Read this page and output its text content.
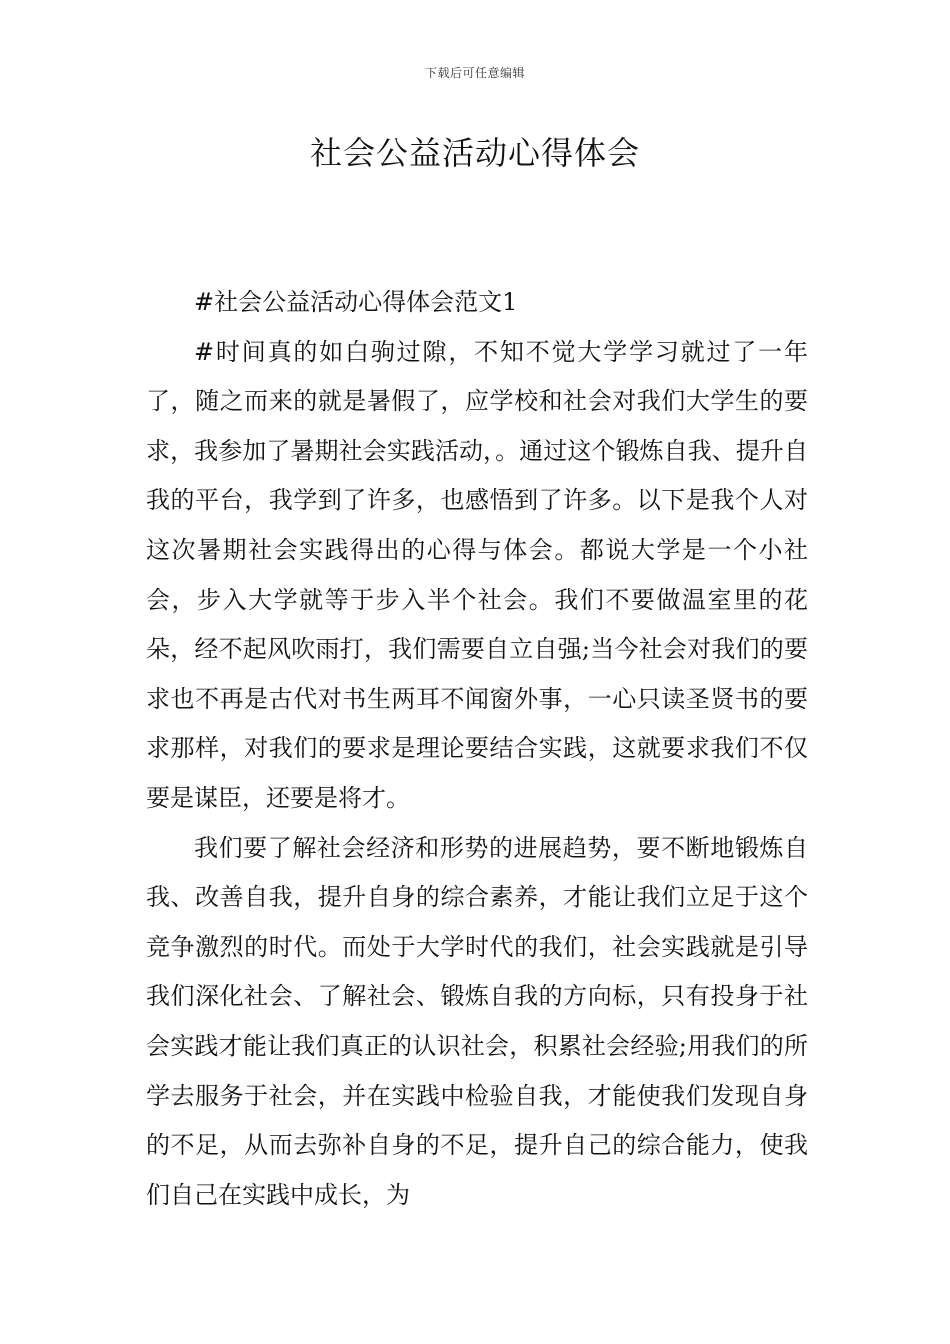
下载后可任意编辑
社会公益活动心得体会

#社会公益活动心得体会范文1

#时间真的如白驹过隙，不知不觉大学学习就过了一年了，随之而来的就是暑假了，应学校和社会对我们大学生的要求，我参加了暑期社会实践活动，。通过这个锻炼自我、提升自我的平台，我学到了许多，也感悟到了许多。以下是我个人对这次暑期社会实践得出的心得与体会。都说大学是一个小社会，步入大学就等于步入半个社会。我们不要做温室里的花朵，经不起风吹雨打，我们需要自立自强;当今社会对我们的要求也不再是古代对书生两耳不闻窗外事，一心只读圣贤书的要求那样，对我们的要求是理论要结合实践，这就要求我们不仅要是谋臣，还要是将才。

我们要了解社会经济和形势的进展趋势，要不断地锻炼自我、改善自我，提升自身的综合素养，才能让我们立足于这个竞争激烈的时代。而处于大学时代的我们，社会实践就是引导我们深化社会、了解社会、锻炼自我的方向标，只有投身于社会实践才能让我们真正的认识社会，积累社会经验;用我们的所学去服务于社会，并在实践中检验自我，才能使我们发现自身的不足，从而去弥补自身的不足，提升自己的综合能力，使我们自己在实践中成长，为
